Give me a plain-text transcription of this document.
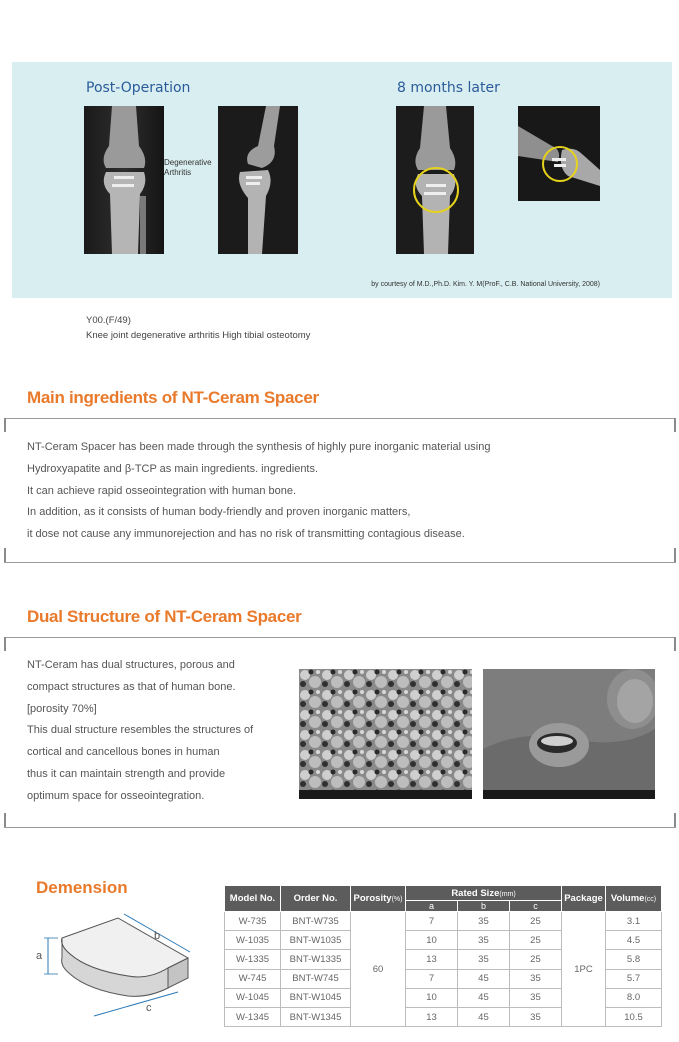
Post-Operation	8 months later
Degenerative
Arthritis
by courtesy of M.D.,Ph.D. Kim. Y. M(ProF., C.B. National University, 2008)
Y00.(F/49)
Knee joint degenerative arthritis High tibial osteotomy
Main ingredients of NT-Ceram Spacer
NT-Ceram Spacer has been made through the synthesis of highly pure inorganic material using
Hydroxyapatite and β-TCP as main ingredients. ingredients.
It can achieve rapid osseointegration with human bone.
In addition, as it consists of human body-friendly and proven inorganic matters,
it dose not cause any immunorejection and has no risk of transmitting contagious disease.
Dual Structure of NT-Ceram Spacer
NT-Ceram has dual structures, porous and
compact structures as that of human bone.
[porosity 70%]
This dual structure resembles the structures of
cortical and cancellous bones in human
thus it can maintain strength and provide
optimum space for osseointegration.
Demension
a
b
c
Model No.	Order No.	Porosity(%)	Rated Size(mm)			Package	Volume(cc)
			a	b	c		
W-735	BNT-W735	60	7	35	25	1PC	3.1
W-1035	BNT-W1035		10	35	25		4.5
W-1335	BNT-W1335		13	35	25		5.8
W-745	BNT-W745		7	45	35		5.7
W-1045	BNT-W1045		10	45	35		8.0
W-1345	BNT-W1345		13	45	35		10.5
